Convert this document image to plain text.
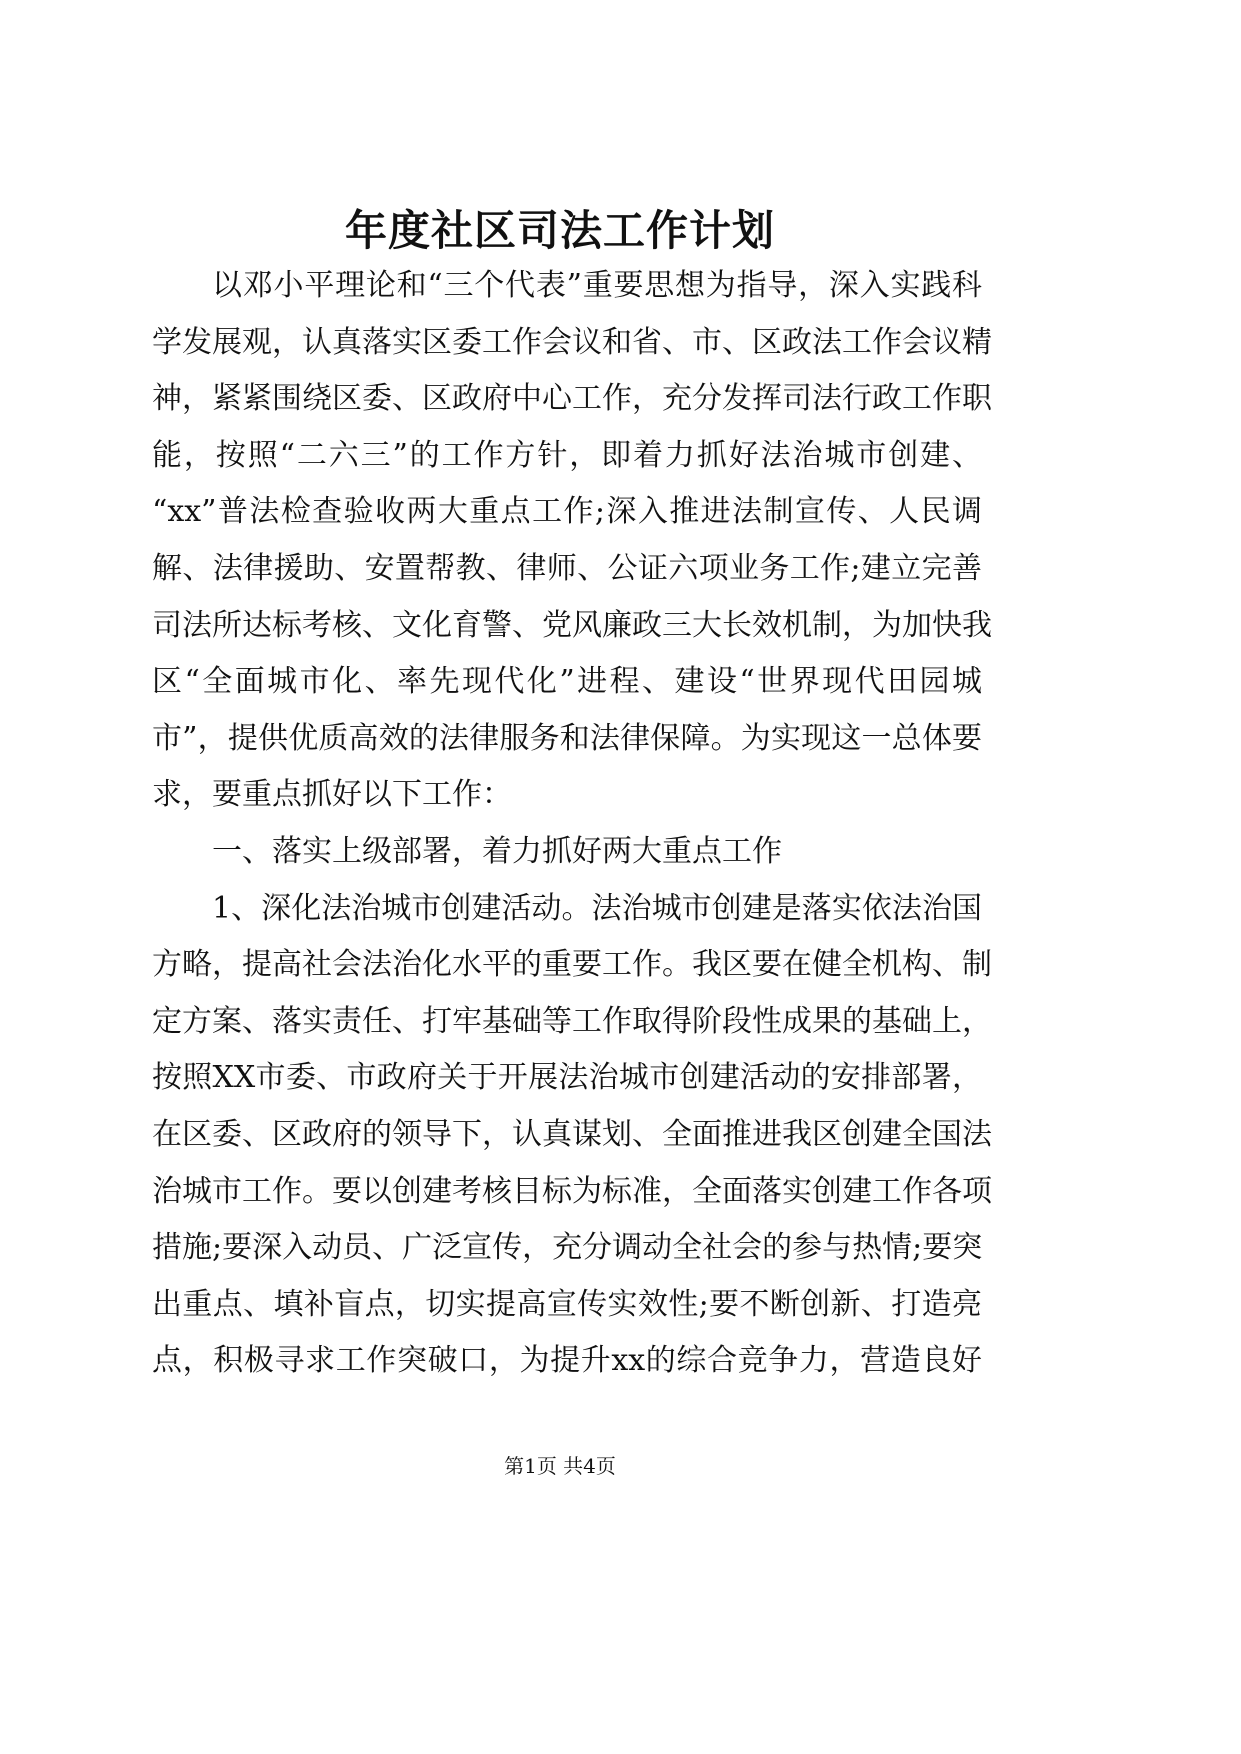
年度社区司法工作计划
以邓小平理论和“三个代表”重要思想为指导，深入实践科
学发展观，认真落实区委工作会议和省、市、区政法工作会议精
神，紧紧围绕区委、区政府中心工作，充分发挥司法行政工作职
能，按照“二六三”的工作方针，即着力抓好法治城市创建、
“xx”普法检查验收两大重点工作;深入推进法制宣传、人民调
解、法律援助、安置帮教、律师、公证六项业务工作;建立完善
司法所达标考核、文化育警、党风廉政三大长效机制，为加快我
区“全面城市化、率先现代化”进程、建设“世界现代田园城
市”，提供优质高效的法律服务和法律保障。为实现这一总体要
求，要重点抓好以下工作：
一、落实上级部署，着力抓好两大重点工作
1、深化法治城市创建活动。法治城市创建是落实依法治国
方略，提高社会法治化水平的重要工作。我区要在健全机构、制
定方案、落实责任、打牢基础等工作取得阶段性成果的基础上，
按照XX市委、市政府关于开展法治城市创建活动的安排部署，
在区委、区政府的领导下，认真谋划、全面推进我区创建全国法
治城市工作。要以创建考核目标为标准，全面落实创建工作各项
措施;要深入动员、广泛宣传，充分调动全社会的参与热情;要突
出重点、填补盲点，切实提高宣传实效性;要不断创新、打造亮
点，积极寻求工作突破口，为提升xx的综合竞争力，营造良好
第1页 共4页
